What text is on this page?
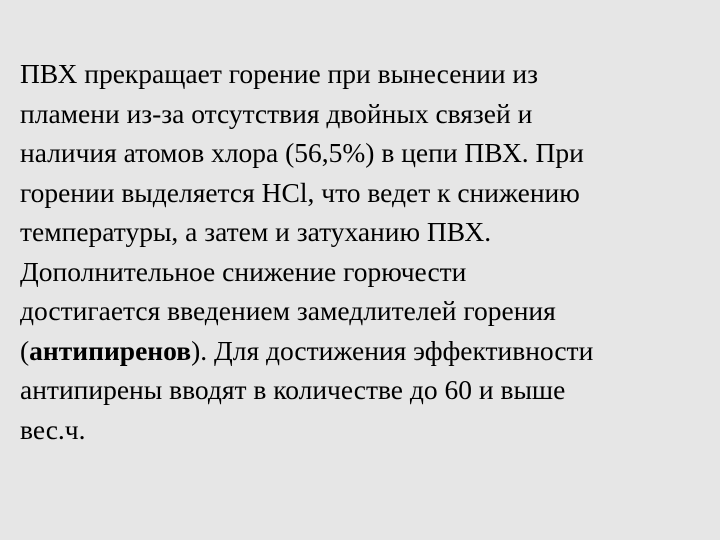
ПВХ прекращает горение при вынесении из
пламени из-за отсутствия двойных связей и
наличия атомов хлора (56,5%) в цепи ПВХ. При
горении выделяется HCl, что ведет к снижению
температуры, а затем и затуханию ПВХ.
Дополнительное снижение горючести
достигается введением замедлителей горения
(антипиренов). Для достижения эффективности
антипирены вводят в количестве до 60 и выше
вес.ч.
